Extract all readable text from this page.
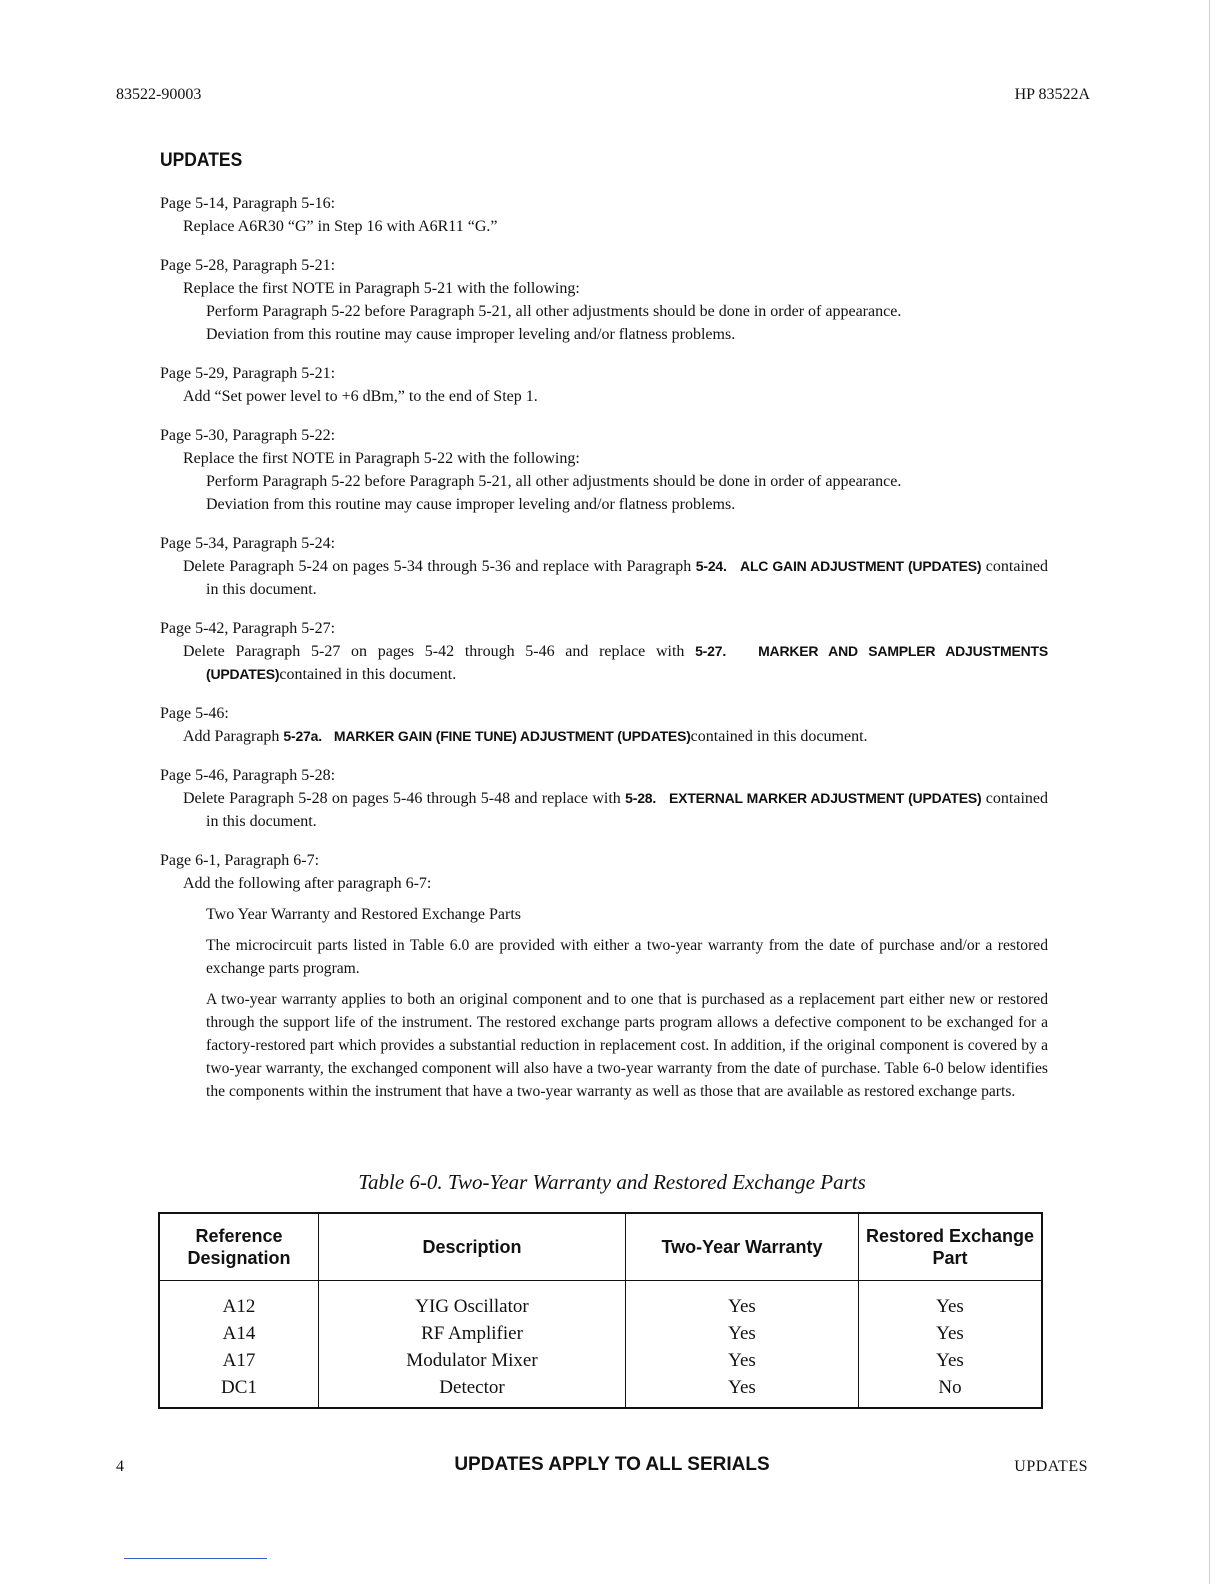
83522-90003	HP 83522A
UPDATES
Page 5-14, Paragraph 5-16:
Replace A6R30 “G” in Step 16 with A6R11 “G.”
Page 5-28, Paragraph 5-21:
Replace the first NOTE in Paragraph 5-21 with the following:
Perform Paragraph 5-22 before Paragraph 5-21, all other adjustments should be done in order of appearance.
Deviation from this routine may cause improper leveling and/or flatness problems.
Page 5-29, Paragraph 5-21:
Add “Set power level to +6 dBm,” to the end of Step 1.
Page 5-30, Paragraph 5-22:
Replace the first NOTE in Paragraph 5-22 with the following:
Perform Paragraph 5-22 before Paragraph 5-21, all other adjustments should be done in order of appearance.
Deviation from this routine may cause improper leveling and/or flatness problems.
Page 5-34, Paragraph 5-24:
Delete Paragraph 5-24 on pages 5-34 through 5-36 and replace with Paragraph 5-24. ALC GAIN ADJUSTMENT (UPDATES) contained in this document.
Page 5-42, Paragraph 5-27:
Delete Paragraph 5-27 on pages 5-42 through 5-46 and replace with 5-27. MARKER AND SAMPLER ADJUSTMENTS (UPDATES)contained in this document.
Page 5-46:
Add Paragraph 5-27a. MARKER GAIN (FINE TUNE) ADJUSTMENT (UPDATES)contained in this document.
Page 5-46, Paragraph 5-28:
Delete Paragraph 5-28 on pages 5-46 through 5-48 and replace with 5-28. EXTERNAL MARKER ADJUSTMENT (UPDATES) contained in this document.
Page 6-1, Paragraph 6-7:
Add the following after paragraph 6-7:
Two Year Warranty and Restored Exchange Parts
The microcircuit parts listed in Table 6.0 are provided with either a two-year warranty from the date of purchase and/or a restored exchange parts program.
A two-year warranty applies to both an original component and to one that is purchased as a replacement part either new or restored through the support life of the instrument. The restored exchange parts program allows a defective component to be exchanged for a factory-restored part which provides a substantial reduction in replacement cost. In addition, if the original component is covered by a two-year warranty, the exchanged component will also have a two-year warranty from the date of purchase. Table 6-0 below identifies the components within the instrument that have a two-year warranty as well as those that are available as restored exchange parts.
Table 6-0. Two-Year Warranty and Restored Exchange Parts
Reference Designation	Description	Two-Year Warranty	Restored Exchange Part
A12	YIG Oscillator	Yes	Yes
A14	RF Amplifier	Yes	Yes
A17	Modulator Mixer	Yes	Yes
DC1	Detector	Yes	No
4	UPDATES APPLY TO ALL SERIALS	UPDATES
